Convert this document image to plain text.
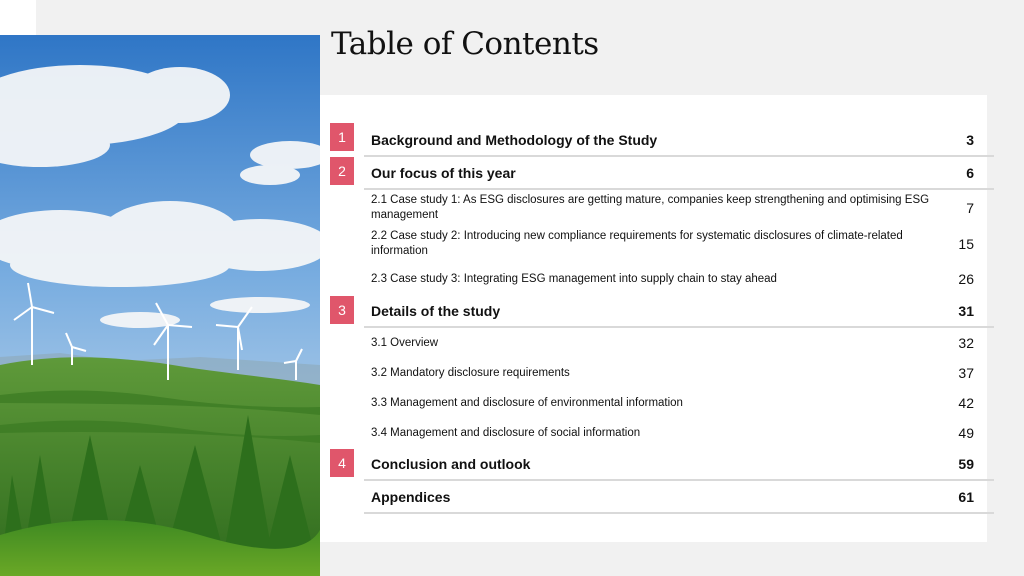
Table of Contents
1	Background and Methodology of the Study	3
2	Our focus of this year	6
2.1 Case study 1: As ESG disclosures are getting mature, companies keep strengthening and optimising ESG management	7
2.2 Case study 2: Introducing new compliance requirements for systematic disclosures of climate-related information	15
2.3 Case study 3: Integrating ESG management into supply chain to stay ahead	26
3	Details of the study	31
3.1 Overview	32
3.2 Mandatory disclosure requirements	37
3.3 Management and disclosure of environmental information	42
3.4 Management and disclosure of social information	49
4	Conclusion and outlook	59
Appendices	61
